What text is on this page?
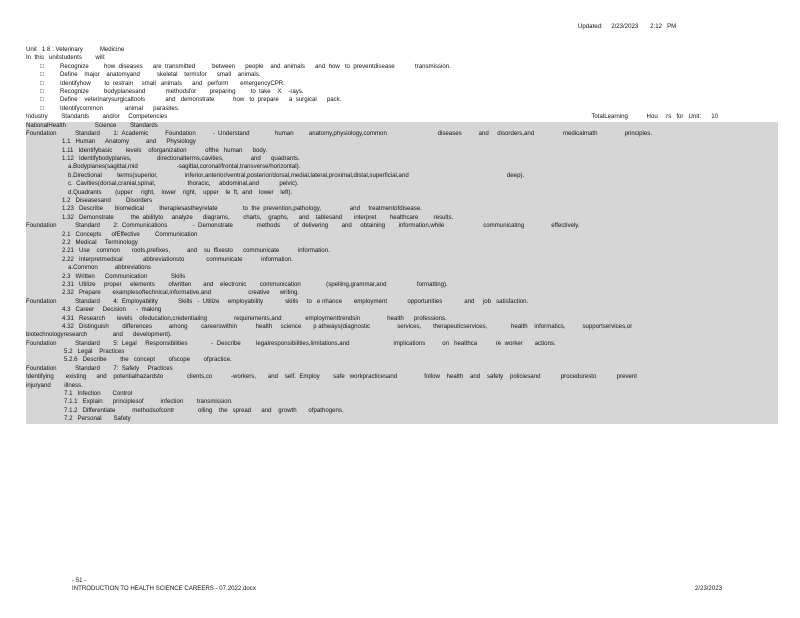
Updated:     2/23/2023       2:12   PM
Unit   1 8 : Veterinary          Medicine
In  this   unitstudents        will:
□	Recognize         how  diseases      are  transmitted          between      people    and  animals      and  how   to  preventdisease            transmission.
□	Define    major    anatomyand          skeletal    termsfor      small    animals.
□	Identifyhow        to  restrain     small   animals      and   perform       emergencyCPR.
□	Recognize         bodyplanesand            methodsfor        preparing         to  take    X    -rays.
□	Define    veterinarysurgicaltools            and   demonstrate           how   to  prepare      a  surgical      pack.
□	Identifycommon             animal      parasites.
Industry        Standards        and/or     Competencies	TotalLearning           Hou     rs   for   Unit:      10
NationalHealth                 Science        Standards
Foundation           Standard        1:  Academic          Foundation          -  Understand               human         anatomy,physiology,common                              diseases          and     disorders,and                 medicalmath                principles.
1.1   Human      Anatomy          and      Physiology
1.11   Identifybasic        levels    oforganization           ofthe   human      body.
1.12   Identifybodyplanes,               directionalterms,cavities,                and      quadrants.
a.Bodyplanes(sagittal,mid                       -sagittal,coronal/frontal,transverse/horizontal).
b.Directional         terms(superior,                inferior,anterior/ventral,posterior/dorsal,medial,lateral,proximal,distal,superficial,and                                                          deep).
c.  Cavities(dorsal,cranial,spinal,                   thoracic,     abdominal,and            pelvic).
d.Quadrants        (upper     right,    lower    right,    upper    le  ft,  and    lower    left).
1.2   Diseasesand         Disorders
1.23   Describe       biomedical         therapiesastheyrelate               to  the  prevention,pathology,                 and     treatmentofdisease.
1.32   Demonstrate          the  abilityto     analyze      diagrams,        charts,    graphs,      and    tablesand       interpret        healthcare         results.
Foundation           Standard        2:  Communications               -  Demonstrate              methods        of  delivering        and     obtaining        information,while                       communicating                effectively.
2.1   Concepts      ofEffective         Communication
2.2   Medical     Terminology
2.21   Use    common       roots,prefixes,          and    su  ffixesto      communicate           information.
2.22   Interpretmedical            abbreviationsto             communicate           information.
a.Common          abbreviations
2.3   Written      Communication              Skills
2.31   Utilize     proper     elements        ofwritten       and    electronic        communication               (spelling,grammar,and                  formatting).
2.32   Prepare       examplesoftechnical,informative,and                      creative      writing.
Foundation           Standard        4:  Employability            Skills   -  Utilize     employability             skills     to   e nhance       employment            opportunities             and     job   satisfaction.
4.3   Career     Decision      -  making
4.31   Research       levels    ofeducation,credentialing                requirements,and              employmenttrendsin                health      professions.
4.32   Distinguish        differences          among        careerswithin           health     science       p athways(diagnostic                services,       therapeuticservices,              health    informatics,          supportservices,or
biotechnologyresearch               and      development).
Foundation           Standard        5:  Legal     Responsibilities              -  Describe         legalresponsibilities,limitations,and                          implications          on   healthca           re  worker       actions.
5.2   Legal    Practices
5.2.6   Describe        the   concept        ofscope        ofpractice.
Foundation           Standard        7:  Safety     Practices
Identifying       existing      and    potentialhazardsto              clients,co           -workers,       and    self.  Employ        safe   workpracticesand                follow    health    and    safety    policiesand            proceduresto            prevent
injuryand        illness.
7.1   Infection       Control
7.1.1   Explain      principlesof          infection        transmission.
7.1.2   Differentiate          methodsofcontr              olling    the   spread      and    growth       ofpathogens.
7.2   Personal       Safety
- 51 -
INTRODUCTION TO HEALTH SCIENCE CAREERS - 07.2022.docx	2/23/2023
